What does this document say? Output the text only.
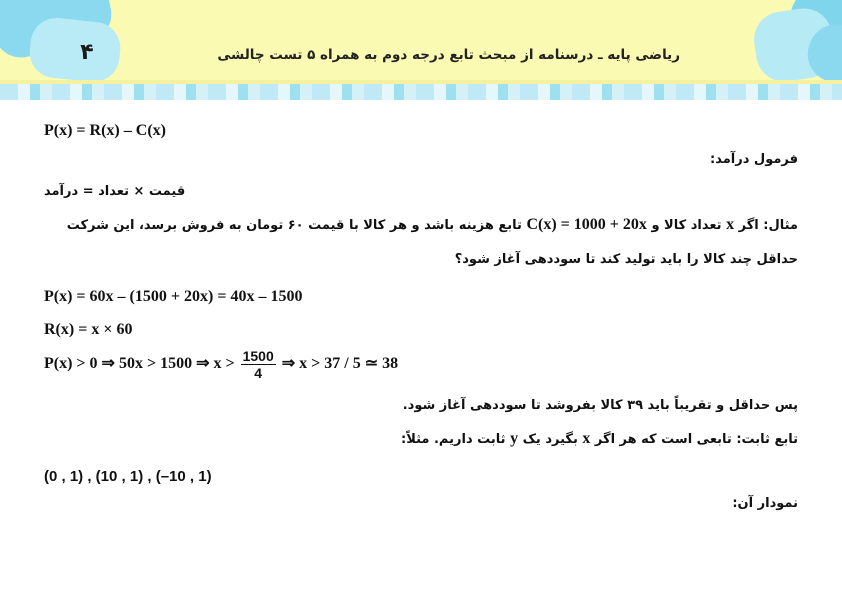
۴	ریاضی پایه ـ درسنامه از مبحث تابع درجه دوم به همراه ۵ تست چالشی
P(x) = R(x) – C(x)
فرمول درآمد:
قیمت × تعداد = درآمد
مثال: اگر x تعداد کالا و C(x) = 1000 + 20x تابع هزینه باشد و هر کالا با قیمت ۶۰ تومان به فروش برسد، این شرکت
حداقل چند کالا را باید تولید کند تا سوددهی آغاز شود؟
P(x) = 60x – (1500 + 20x) = 40x – 1500
R(x) = x × 60
P(x) > 0 ⇒ 50x > 1500 ⇒ $x > \frac{1500}{4}$ ⇒ x > 37 / 5 ≃ 38
پس حداقل و تقریباً باید ۳۹ کالا بفروشد تا سوددهی آغاز شود.
تابع ثابت: تابعی است که هر اگر x بگیرد یک y ثابت داریم. مثلاً:
(0 , 1) , (10 , 1) , (–10 , 1)
نمودار آن:
